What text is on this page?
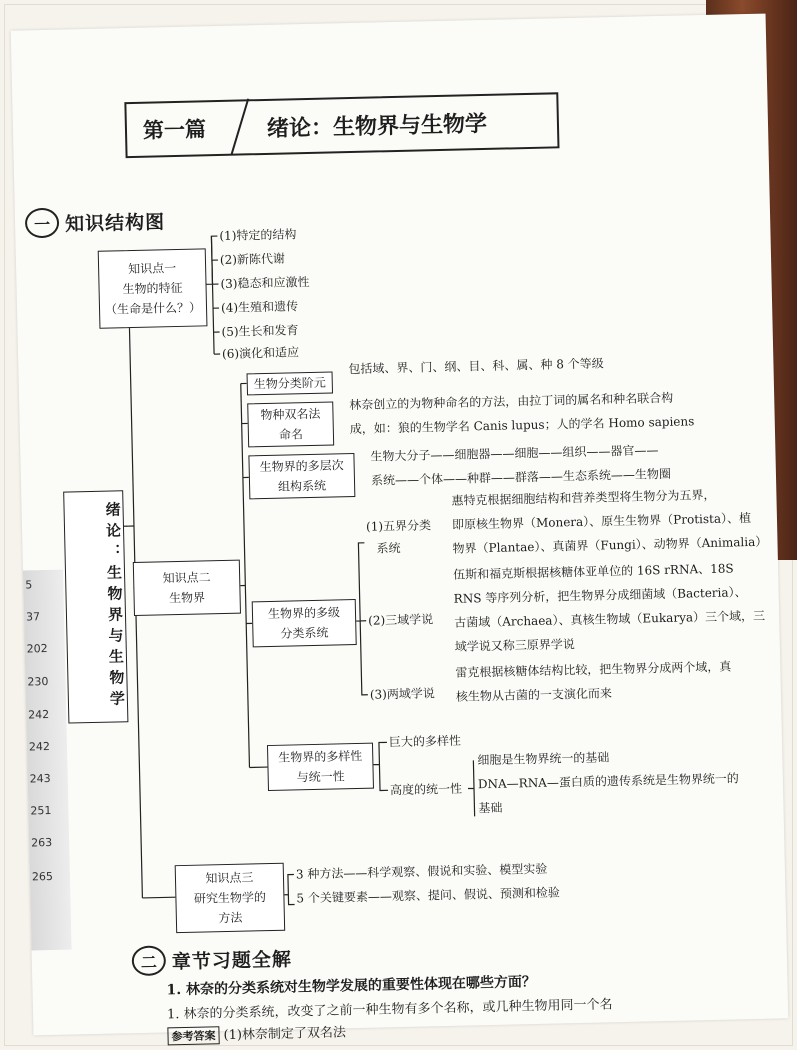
5
37
202
230
242
242
243
251
263
265
第一篇	绪论：生物界与生物学
一 知识结构图
绪论：生物界与生物学
知识点一
生物的特征
（生命是什么？）
(1)特定的结构
(2)新陈代谢
(3)稳态和应激性
(4)生殖和遗传
(5)生长和发育
(6)演化和适应
知识点二
生物界
生物分类阶元
包括域、界、门、纲、目、科、属、种 8 个等级
物种双名法
命名
林奈创立的为物种命名的方法，由拉丁词的属名和种名联合构
成，如：狼的生物学名 Canis lupus；人的学名 Homo sapiens
生物界的多层次
组构系统
生物大分子——细胞器——细胞——组织——器官——
系统——个体——种群——群落——生态系统——生物圈
生物界的多级
分类系统
(1)五界分类
系统
惠特克根据细胞结构和营养类型将生物分为五界，
即原核生物界（Monera）、原生生物界（Protista）、植
物界（Plantae）、真菌界（Fungi）、动物界（Animalia）
(2)三域学说
伍斯和福克斯根据核糖体亚单位的 16S rRNA、18S
RNS 等序列分析，把生物界分成细菌域（Bacteria）、
古菌域（Archaea）、真核生物域（Eukarya）三个域，三
域学说又称三原界学说
(3)两域学说
雷克根据核糖体结构比较，把生物界分成两个域，真
核生物从古菌的一支演化而来
生物界的多样性
与统一性
巨大的多样性
高度的统一性
细胞是生物界统一的基础
DNA—RNA—蛋白质的遗传系统是生物界统一的
基础
知识点三
研究生物学的
方法
3 种方法——科学观察、假说和实验、模型实验
5 个关键要素——观察、提问、假说、预测和检验
二 章节习题全解
1. 林奈的分类系统对生物学发展的重要性体现在哪些方面？
1. 林奈的分类系统，改变了之前一种生物有多个名称，或几种生物用同一个名
参考答案 (1)林奈制定了双名法
